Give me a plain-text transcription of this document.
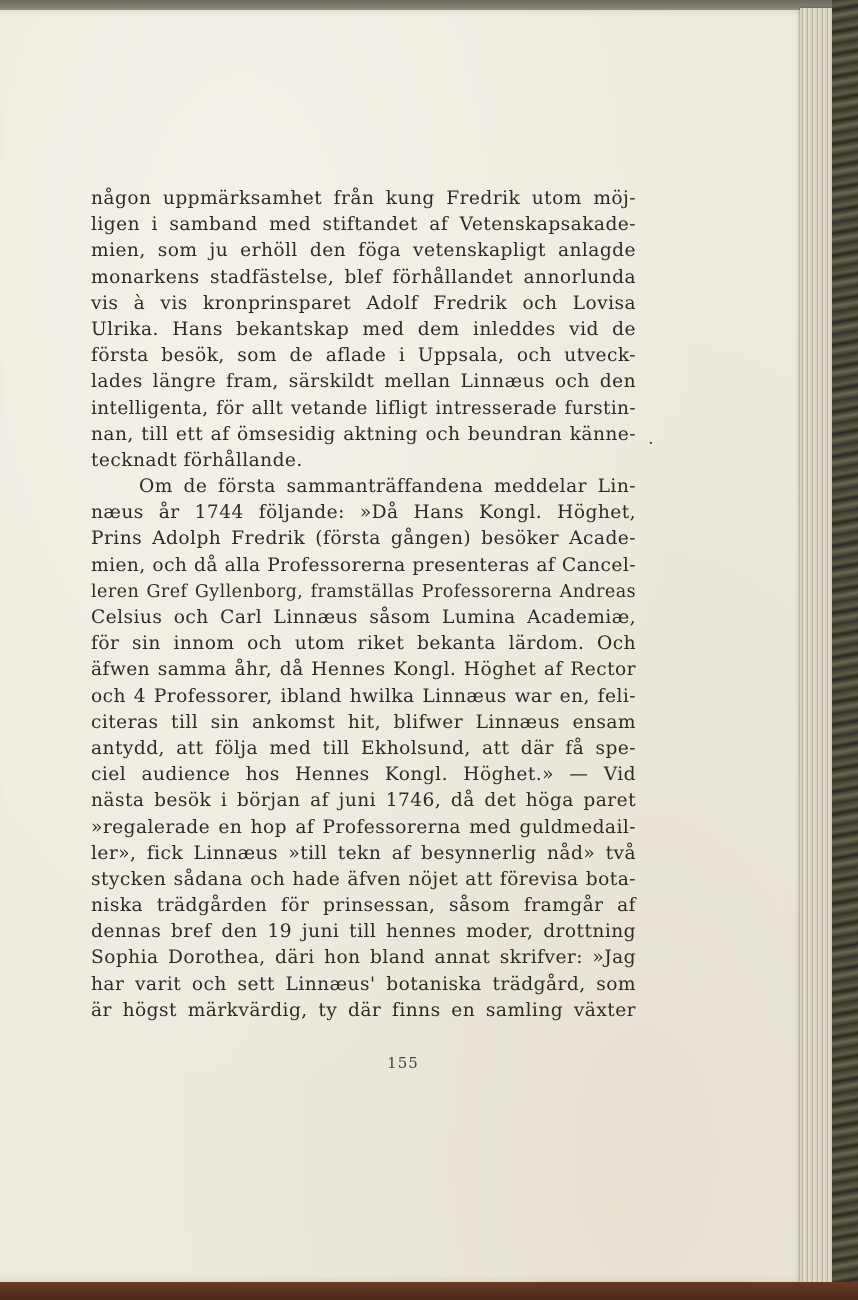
någon uppmärksamhet från kung Fredrik utom möj-
ligen i samband med stiftandet af Vetenskapsakade-
mien, som ju erhöll den föga vetenskapligt anlagde
monarkens stadfästelse, blef förhållandet annorlunda
vis à vis kronprinsparet Adolf Fredrik och Lovisa
Ulrika. Hans bekantskap med dem inleddes vid de
första besök, som de aflade i Uppsala, och utveck-
lades längre fram, särskildt mellan Linnæus och den
intelligenta, för allt vetande lifligt intresserade furstin-
nan, till ett af ömsesidig aktning och beundran känne-
tecknadt förhållande.
Om de första sammanträffandena meddelar Lin-
næus år 1744 följande: »Då Hans Kongl. Höghet,
Prins Adolph Fredrik (första gången) besöker Acade-
mien, och då alla Professorerna presenteras af Cancel-
leren Gref Gyllenborg, framställas Professorerna Andreas
Celsius och Carl Linnæus såsom Lumina Academiæ,
för sin innom och utom riket bekanta lärdom. Och
äfwen samma åhr, då Hennes Kongl. Höghet af Rector
och 4 Professorer, ibland hwilka Linnæus war en, feli-
citeras till sin ankomst hit, blifwer Linnæus ensam
antydd, att följa med till Ekholsund, att där få spe-
ciel audience hos Hennes Kongl. Höghet.» — Vid
nästa besök i början af juni 1746, då det höga paret
»regalerade en hop af Professorerna med guldmedail-
ler», fick Linnæus »till tekn af besynnerlig nåd» två
stycken sådana och hade äfven nöjet att förevisa bota-
niska trädgården för prinsessan, såsom framgår af
dennas bref den 19 juni till hennes moder, drottning
Sophia Dorothea, däri hon bland annat skrifver: »Jag
har varit och sett Linnæus' botaniska trädgård, som
är högst märkvärdig, ty där finns en samling växter
·
155
